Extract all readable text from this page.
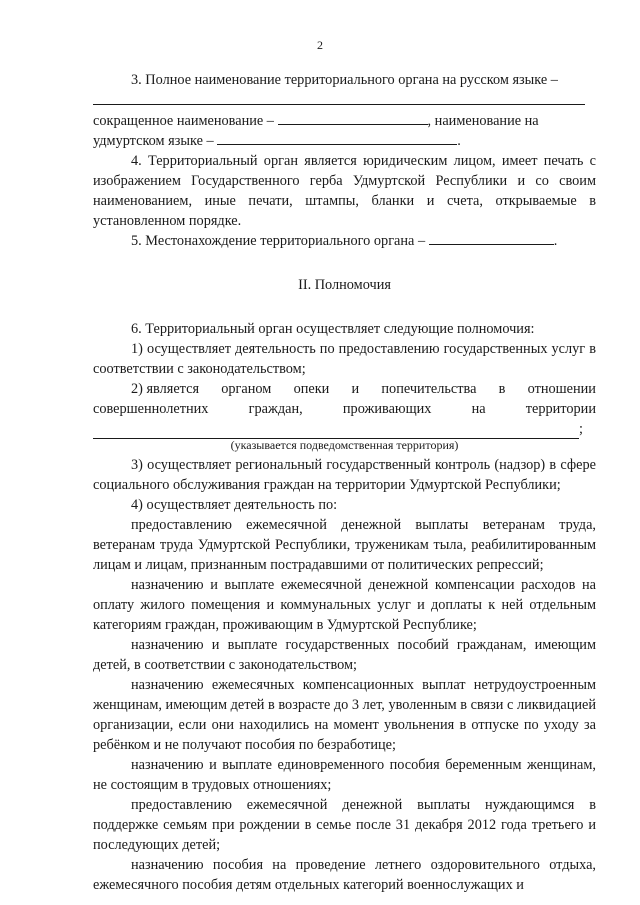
2

3. Полное наименование территориального органа на русском языке –

сокращенное наименование –	, наименование на

удмуртском языке –	.

4. Территориальный орган является юридическим лицом, имеет печать с изображением Государственного герба Удмуртской Республики и со своим наименованием, иные печати, штампы, бланки и счета, открываемые в установленном порядке.

5. Местонахождение территориального органа –	.

II. Полномочия

6. Территориальный орган осуществляет следующие полномочия:

1) осуществляет деятельность по предоставлению государственных услуг в соответствии с законодательством;

2) является органом опеки и попечительства в отношении
совершеннолетних	граждан,	проживающих	на	территории
;

(указывается подведомственная территория)

3) осуществляет региональный государственный контроль (надзор) в сфере социального обслуживания граждан на территории Удмуртской Республики;

4) осуществляет деятельность по:

предоставлению ежемесячной денежной выплаты ветеранам труда, ветеранам труда Удмуртской Республики, труженикам тыла, реабилитированным лицам и лицам, признанным пострадавшими от политических репрессий;

назначению и выплате ежемесячной денежной компенсации расходов на оплату жилого помещения и коммунальных услуг и доплаты к ней отдельным категориям граждан, проживающим в Удмуртской Республике;

назначению и выплате государственных пособий гражданам, имеющим детей, в соответствии с законодательством;

назначению ежемесячных компенсационных выплат нетрудоустроенным женщинам, имеющим детей в возрасте до 3 лет, уволенным в связи с ликвидацией организации, если они находились на момент увольнения в отпуске по уходу за ребёнком и не получают пособия по безработице;

назначению и выплате единовременного пособия беременным женщинам, не состоящим в трудовых отношениях;

предоставлению ежемесячной денежной выплаты нуждающимся в поддержке семьям при рождении в семье после 31 декабря 2012 года третьего и последующих детей;

назначению пособия на проведение летнего оздоровительного отдыха, ежемесячного пособия детям отдельных категорий военнослужащих и
